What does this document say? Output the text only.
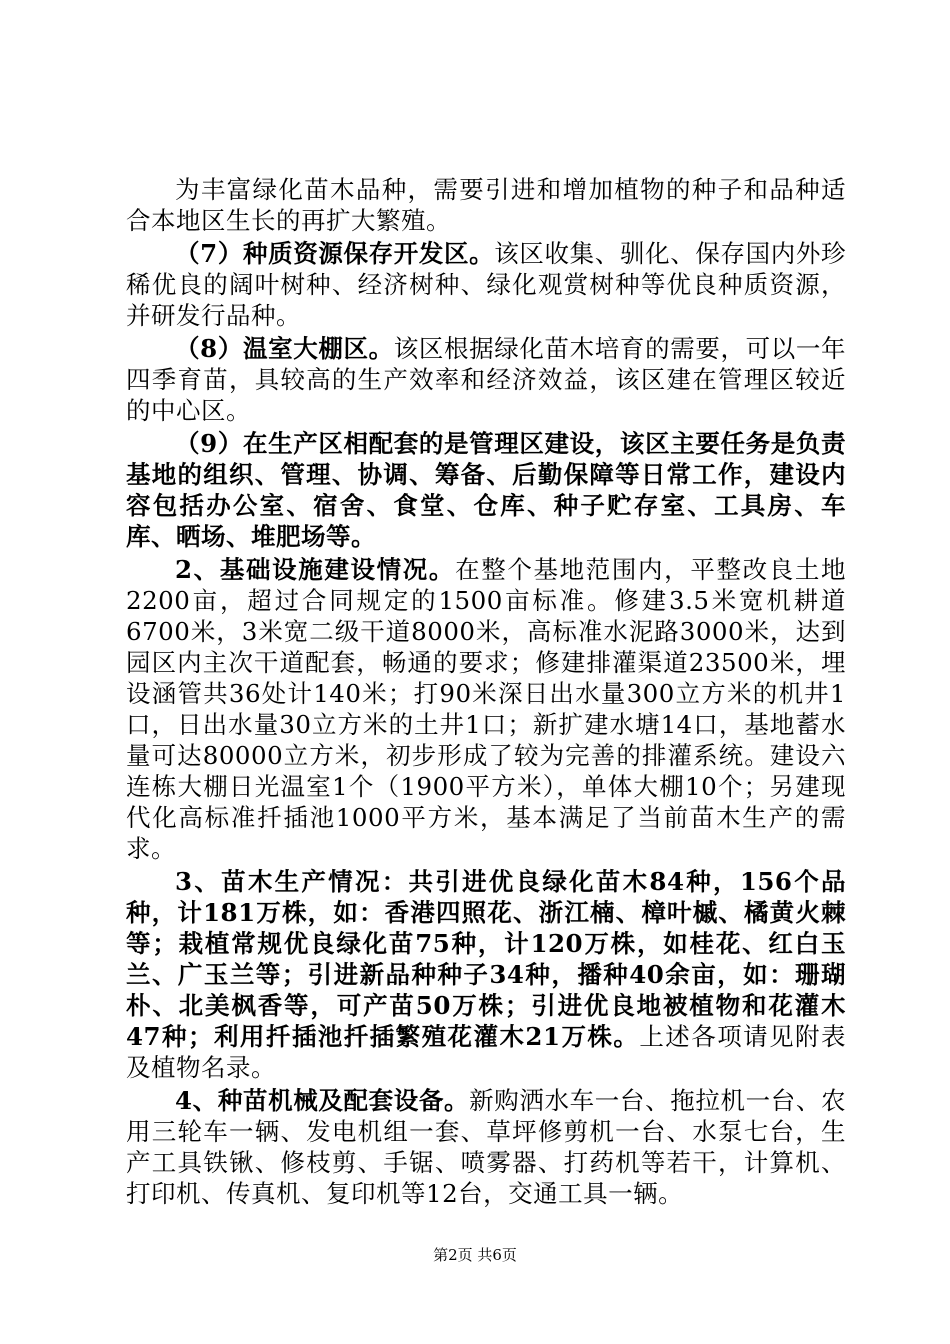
为丰富绿化苗木品种，需要引进和增加植物的种子和品种适合本地区生长的再扩大繁殖。

（7）种质资源保存开发区。该区收集、驯化、保存国内外珍稀优良的阔叶树种、经济树种、绿化观赏树种等优良种质资源，并研发行品种。

（8）温室大棚区。该区根据绿化苗木培育的需要，可以一年四季育苗，具较高的生产效率和经济效益，该区建在管理区较近的中心区。

（9）在生产区相配套的是管理区建设，该区主要任务是负责基地的组织、管理、协调、筹备、后勤保障等日常工作，建设内容包括办公室、宿舍、食堂、仓库、种子贮存室、工具房、车库、晒场、堆肥场等。

2、基础设施建设情况。在整个基地范围内，平整改良土地2200亩，超过合同规定的1500亩标准。修建3.5米宽机耕道6700米，3米宽二级干道8000米，高标准水泥路3000米，达到园区内主次干道配套，畅通的要求；修建排灌渠道23500米，埋设涵管共36处计140米；打90米深日出水量300立方米的机井1口，日出水量30立方米的土井1口；新扩建水塘14口，基地蓄水量可达80000立方米，初步形成了较为完善的排灌系统。建设六连栋大棚日光温室1个（1900平方米），单体大棚10个；另建现代化高标准扦插池1000平方米，基本满足了当前苗木生产的需求。

3、苗木生产情况：共引进优良绿化苗木84种，156个品种，计181万株，如：香港四照花、浙江楠、樟叶槭、橘黄火棘等；栽植常规优良绿化苗75种，计120万株，如桂花、红白玉兰、广玉兰等；引进新品种种子34种，播种40余亩，如：珊瑚朴、北美枫香等，可产苗50万株；引进优良地被植物和花灌木47种；利用扦插池扦插繁殖花灌木21万株。上述各项请见附表及植物名录。

4、种苗机械及配套设备。新购洒水车一台、拖拉机一台、农用三轮车一辆、发电机组一套、草坪修剪机一台、水泵七台，生产工具铁锹、修枝剪、手锯、喷雾器、打药机等若干，计算机、打印机、传真机、复印机等12台，交通工具一辆。

第2页 共6页
